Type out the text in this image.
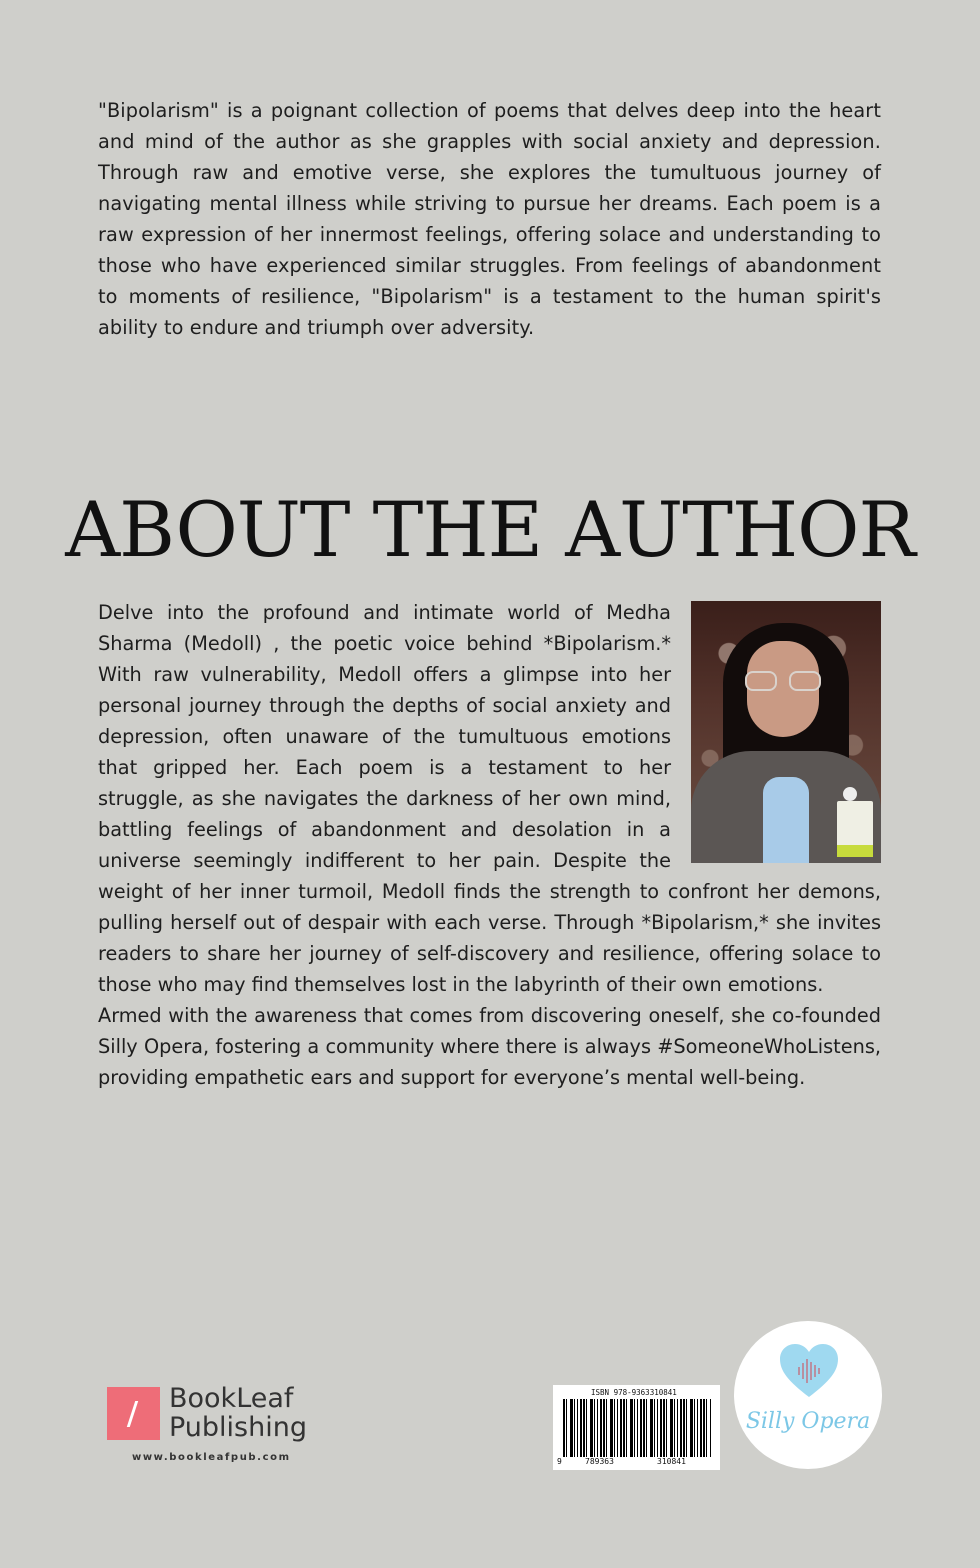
"Bipolarism" is a poignant collection of poems that delves deep into the heart and mind of the author as she grapples with social anxiety and depression. Through raw and emotive verse, she explores the tumultuous journey of navigating mental illness while striving to pursue her dreams. Each poem is a raw expression of her innermost feelings, offering solace and understanding to those who have experienced similar struggles. From feelings of abandonment to moments of resilience, "Bipolarism" is a testament to the human spirit's ability to endure and triumph over adversity.

ABOUT THE AUTHOR

Delve into the profound and intimate world of Medha Sharma (Medoll) , the poetic voice behind *Bipolarism.* With raw vulnerability, Medoll offers a glimpse into her personal journey through the depths of social anxiety and depression, often unaware of the tumultuous emotions that gripped her. Each poem is a testament to her struggle, as she navigates the darkness of her own mind, battling feelings of abandonment and desolation in a universe seemingly indifferent to her pain. Despite the weight of her inner turmoil, Medoll finds the strength to confront her demons, pulling herself out of despair with each verse. Through *Bipolarism,* she invites readers to share her journey of self-discovery and resilience, offering solace to those who may find themselves lost in the labyrinth of their own emotions.

Armed with the awareness that comes from discovering oneself, she co-founded Silly Opera, fostering a community where there is always #SomeoneWhoListens, providing empathetic ears and support for everyone’s mental well-being.

BookLeaf
Publishing
www.bookleafpub.com
ISBN 978-9363310841
9	789363	310841
Silly Opera
